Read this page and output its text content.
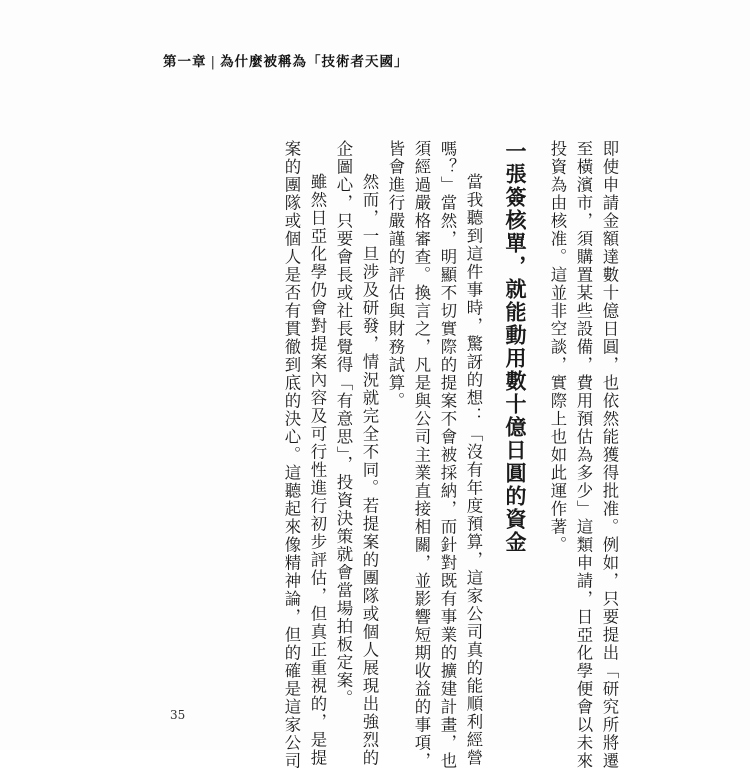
第一章 | 為什麼被稱為「技術者天國」

即使申請金額達數十億日圓，也依然能獲得批准。例如，只要提出「研究所將遷

至橫濱市，須購置某些設備，費用預估為多少」這類申請，日亞化學便會以未來

投資為由核准。這並非空談，實際上也如此運作著。

一張簽核單，就能動用數十億日圓的資金

當我聽到這件事時，驚訝的想：「沒有年度預算，這家公司真的能順利經營

嗎？」當然，明顯不切實際的提案不會被採納，而針對既有事業的擴建計畫，也

須經過嚴格審查。換言之，凡是與公司主業直接相關，並影響短期收益的事項，

皆會進行嚴謹的評估與財務試算。

然而，一旦涉及研發，情況就完全不同。若提案的團隊或個人展現出強烈的

企圖心，只要會長或社長覺得「有意思」，投資決策就會當場拍板定案。

雖然日亞化學仍會對提案內容及可行性進行初步評估，但真正重視的，是提

案的團隊或個人是否有貫徹到底的決心。這聽起來像精神論，但的確是這家公司

35
